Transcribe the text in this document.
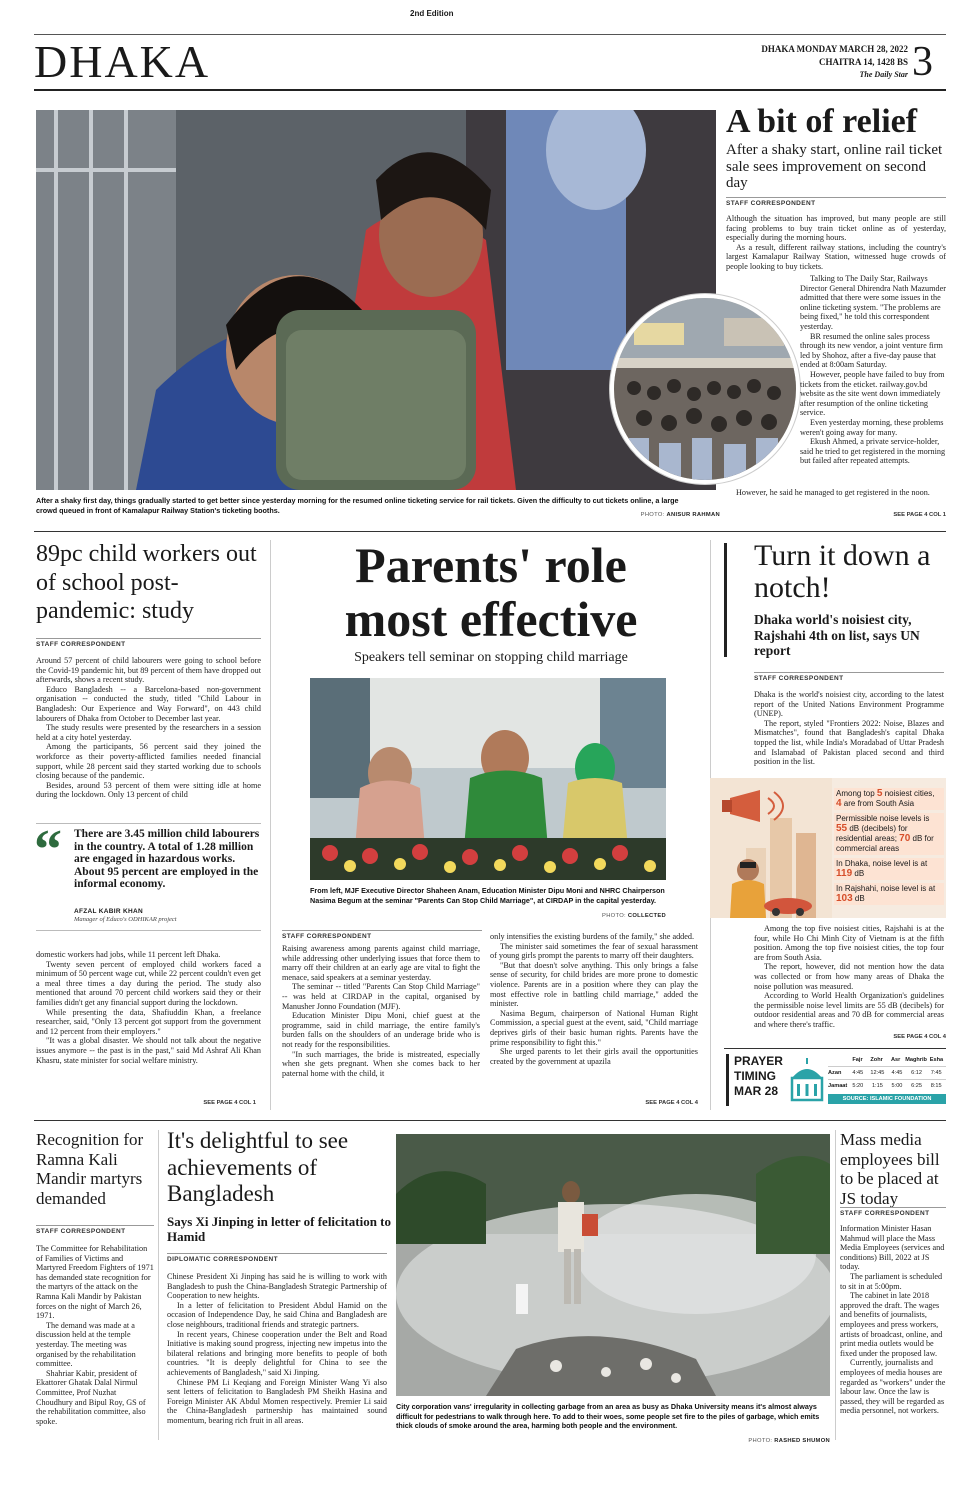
2nd Edition
DHAKA	DHAKA MONDAY MARCH 28, 2022
CHAITRA 14, 1428 BS
The Daily Star 3
A bit of relief
After a shaky start, online rail ticket sale sees improvement on second day
STAFF CORRESPONDENT

Although the situation has improved, but many people are still facing problems to buy train ticket online as of yesterday, especially during the morning hours.

As a result, different railway stations, including the country's largest Kamalapur Railway Station, witnessed huge crowds of people looking to buy tickets.

Talking to The Daily Star, Railways Director General Dhirendra Nath Mazumder admitted that there were some issues in the online ticketing system. "The problems are being fixed," he told this correspondent yesterday.

BR resumed the online sales process through its new vendor, a joint venture firm led by Shohoz, after a five-day pause that ended at 8:00am Saturday.

However, people have failed to buy from tickets from the eticket. railway.gov.bd website as the site went down immediately after resumption of the online ticketing service.

Even yesterday morning, these problems weren't going away for many.

Ekush Ahmed, a private service-holder, said he tried to get registered in the morning but failed after repeated attempts.

However, he said he managed to get registered in the noon.

After a shaky first day, things gradually started to get better since yesterday morning for the resumed online ticketing service for rail tickets. Given the difficulty to cut tickets online, a large crowd queued in front of Kamalapur Railway Station's ticketing booths.
PHOTO: ANISUR RAHMAN	SEE PAGE 4 COL 1
89pc child workers out of school post-pandemic: study
STAFF CORRESPONDENT

Around 57 percent of child labourers were going to school before the Covid-19 pandemic hit, but 89 percent of them have dropped out afterwards, shows a recent study.

Educo Bangladesh -- a Barcelona-based non-government organisation -- conducted the study, titled "Child Labour in Bangladesh: Our Experience and Way Forward", on 443 child labourers of Dhaka from October to December last year.

The study results were presented by the researchers in a session held at a city hotel yesterday.

Among the participants, 56 percent said they joined the workforce as their poverty-afflicted families needed financial support, while 28 percent said they started working due to schools closing because of the pandemic.

Besides, around 53 percent of them were sitting idle at home during the lockdown. Only 13 percent of child

“ There are 3.45 million child labourers in the country. A total of 1.28 million are engaged in hazardous works. About 95 percent are employed in the informal economy.
AFZAL KABIR KHAN
Manager of Educo's ODHIKAR project

domestic workers had jobs, while 11 percent left Dhaka.

Twenty seven percent of employed child workers faced a minimum of 50 percent wage cut, while 22 percent couldn't even get a meal three times a day during the period. The study also mentioned that around 70 percent child workers said they or their families didn't get any financial support during the lockdown.

While presenting the data, Shafiuddin Khan, a freelance researcher, said, "Only 13 percent got support from the government and 12 percent from their employers."

"It was a global disaster. We should not talk about the negative issues anymore -- the past is in the past," said Md Ashraf Ali Khan Khasru, state minister for social welfare ministry.

SEE PAGE 4 COL 1
Parents' role
most effective
Speakers tell seminar on stopping child marriage
From left, MJF Executive Director Shaheen Anam, Education Minister Dipu Moni and NHRC Chairperson Nasima Begum at the seminar "Parents Can Stop Child Marriage", at CIRDAP in the capital yesterday.
PHOTO: COLLECTED
STAFF CORRESPONDENT

Raising awareness among parents against child marriage, while addressing other underlying issues that force them to marry off their children at an early age are vital to fight the menace, said speakers at a seminar yesterday.

The seminar -- titled "Parents Can Stop Child Marriage" -- was held at CIRDAP in the capital, organised by Manusher Jonno Foundation (MJF).

Education Minister Dipu Moni, chief guest at the programme, said in child marriage, the entire family's burden falls on the shoulders of an underage bride who is not ready for the responsibilities.

"In such marriages, the bride is mistreated, especially when she gets pregnant. When she comes back to her paternal home with the child, it

only intensifies the existing burdens of the family," she added.

The minister said sometimes the fear of sexual harassment of young girls prompt the parents to marry off their daughters.

"But that doesn't solve anything. This only brings a false sense of security, for child brides are more prone to domestic violence. Parents are in a position where they can play the most effective role in battling child marriage," added the minister.

Nasima Begum, chairperson of National Human Right Commission, a special guest at the event, said, "Child marriage deprives girls of their basic human rights. Parents have the prime responsibility to fight this."

She urged parents to let their girls avail the opportunities created by the government at upazila

SEE PAGE 4 COL 4
Turn it down a notch!
Dhaka world's noisiest city, Rajshahi 4th on list, says UN report
STAFF CORRESPONDENT

Dhaka is the world's noisiest city, according to the latest report of the United Nations Environment Programme (UNEP).

The report, styled "Frontiers 2022: Noise, Blazes and Mismatches", found that Bangladesh's capital Dhaka topped the list, while India's Moradabad of Uttar Pradesh and Islamabad of Pakistan placed second and third position in the list.

Among top 5 noisiest cities, 4 are from South Asia
Permissible noise levels is 55 dB (decibels) for residential areas; 70 dB for commercial areas
In Dhaka, noise level is at 119 dB
In Rajshahi, noise level is at 103 dB

Among the top five noisiest cities, Rajshahi is at the four, while Ho Chi Minh City of Vietnam is at the fifth position. Among the top five noisiest cities, the top four are from South Asia.

The report, however, did not mention how the data was collected or from how many areas of Dhaka the noise pollution was measured.

According to World Health Organization's guidelines the permissible noise level limits are 55 dB (decibels) for outdoor residential areas and 70 dB for commercial areas and where there's traffic.

SEE PAGE 4 COL 4
PRAYER
TIMING
MAR 28
Fajr	Zohr	Asr Maghrib Esha
Azan	4:45	12:45	4:45	6:12	7:45
Jamaat 5:20	1:15	5:00	6:25	8:15
SOURCE: ISLAMIC FOUNDATION
Recognition for Ramna Kali Mandir martyrs demanded
STAFF CORRESPONDENT

The Committee for Rehabilitation of Families of Victims and Martyred Freedom Fighters of 1971 has demanded state recognition for the martyrs of the attack on the Ramna Kali Mandir by Pakistan forces on the night of March 26, 1971.

The demand was made at a discussion held at the temple yesterday. The meeting was organised by the rehabilitation committee.

Shahriar Kabir, president of Ekattorer Ghatak Dalal Nirmul Committee, Prof Nuzhat Choudhury and Bipul Roy, GS of the rehabilitation committee, also spoke.

It's delightful to see achievements of Bangladesh
Says Xi Jinping in letter of felicitation to Hamid
DIPLOMATIC CORRESPONDENT

Chinese President Xi Jinping has said he is willing to work with Bangladesh to push the China-Bangladesh Strategic Partnership of Cooperation to new heights.

In a letter of felicitation to President Abdul Hamid on the occasion of Independence Day, he said China and Bangladesh are close neighbours, traditional friends and strategic partners.

In recent years, Chinese cooperation under the Belt and Road Initiative is making sound progress, injecting new impetus into the bilateral relations and bringing more benefits to people of both countries. "It is deeply delightful for China to see the achievements of Bangladesh," said Xi Jinping.

Chinese PM Li Keqiang and Foreign Minister Wang Yi also sent letters of felicitation to Bangladesh PM Sheikh Hasina and Foreign Minister AK Abdul Momen respectively. Premier Li said the China-Bangladesh partnership has maintained sound momentum, bearing rich fruit in all areas.

City corporation vans' irregularity in collecting garbage from an area as busy as Dhaka University means it's almost always difficult for pedestrians to walk through here. To add to their woes, some people set fire to the piles of garbage, which emits thick clouds of smoke around the area, harming both people and the environment.
PHOTO: RASHED SHUMON
Mass media employees bill to be placed at JS today
STAFF CORRESPONDENT

Information Minister Hasan Mahmud will place the Mass Media Employees (services and conditions) Bill, 2022 at JS today.

The parliament is scheduled to sit in at 5:00pm.

The cabinet in late 2018 approved the draft. The wages and benefits of journalists, employees and press workers, artists of broadcast, online, and print media outlets would be fixed under the proposed law.

Currently, journalists and employees of media houses are regarded as "workers" under the labour law. Once the law is passed, they will be regarded as media personnel, not workers.
